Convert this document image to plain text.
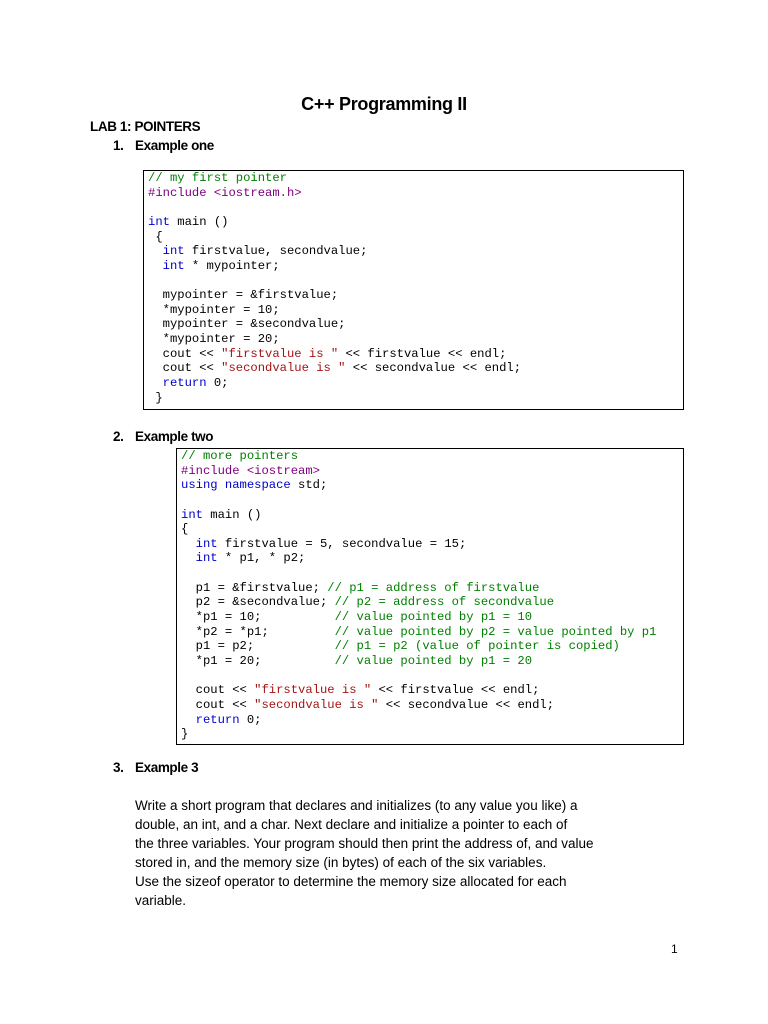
C++ Programming II
LAB 1: POINTERS
1. Example one
// my first pointer
#include <iostream.h>

int main ()
{
int firstvalue, secondvalue;
int * mypointer;

mypointer = &firstvalue;
*mypointer = 10;
mypointer = &secondvalue;
*mypointer = 20;
cout << "firstvalue is " << firstvalue << endl;
cout << "secondvalue is " << secondvalue << endl;
return 0;
}
2. Example two
// more pointers
#include <iostream>
using namespace std;

int main ()
{
int firstvalue = 5, secondvalue = 15;
int * p1, * p2;

p1 = &firstvalue; // p1 = address of firstvalue
p2 = &secondvalue; // p2 = address of secondvalue
*p1 = 10;          // value pointed by p1 = 10
*p2 = *p1;         // value pointed by p2 = value pointed by p1
p1 = p2;           // p1 = p2 (value of pointer is copied)
*p1 = 20;          // value pointed by p1 = 20

cout << "firstvalue is " << firstvalue << endl;
cout << "secondvalue is " << secondvalue << endl;
return 0;
}
3. Example 3
Write a short program that declares and initializes (to any value you like) a
double, an int, and a char. Next declare and initialize a pointer to each of
the three variables. Your program should then print the address of, and value
stored in, and the memory size (in bytes) of each of the six variables.
Use the sizeof operator to determine the memory size allocated for each
variable.
1
